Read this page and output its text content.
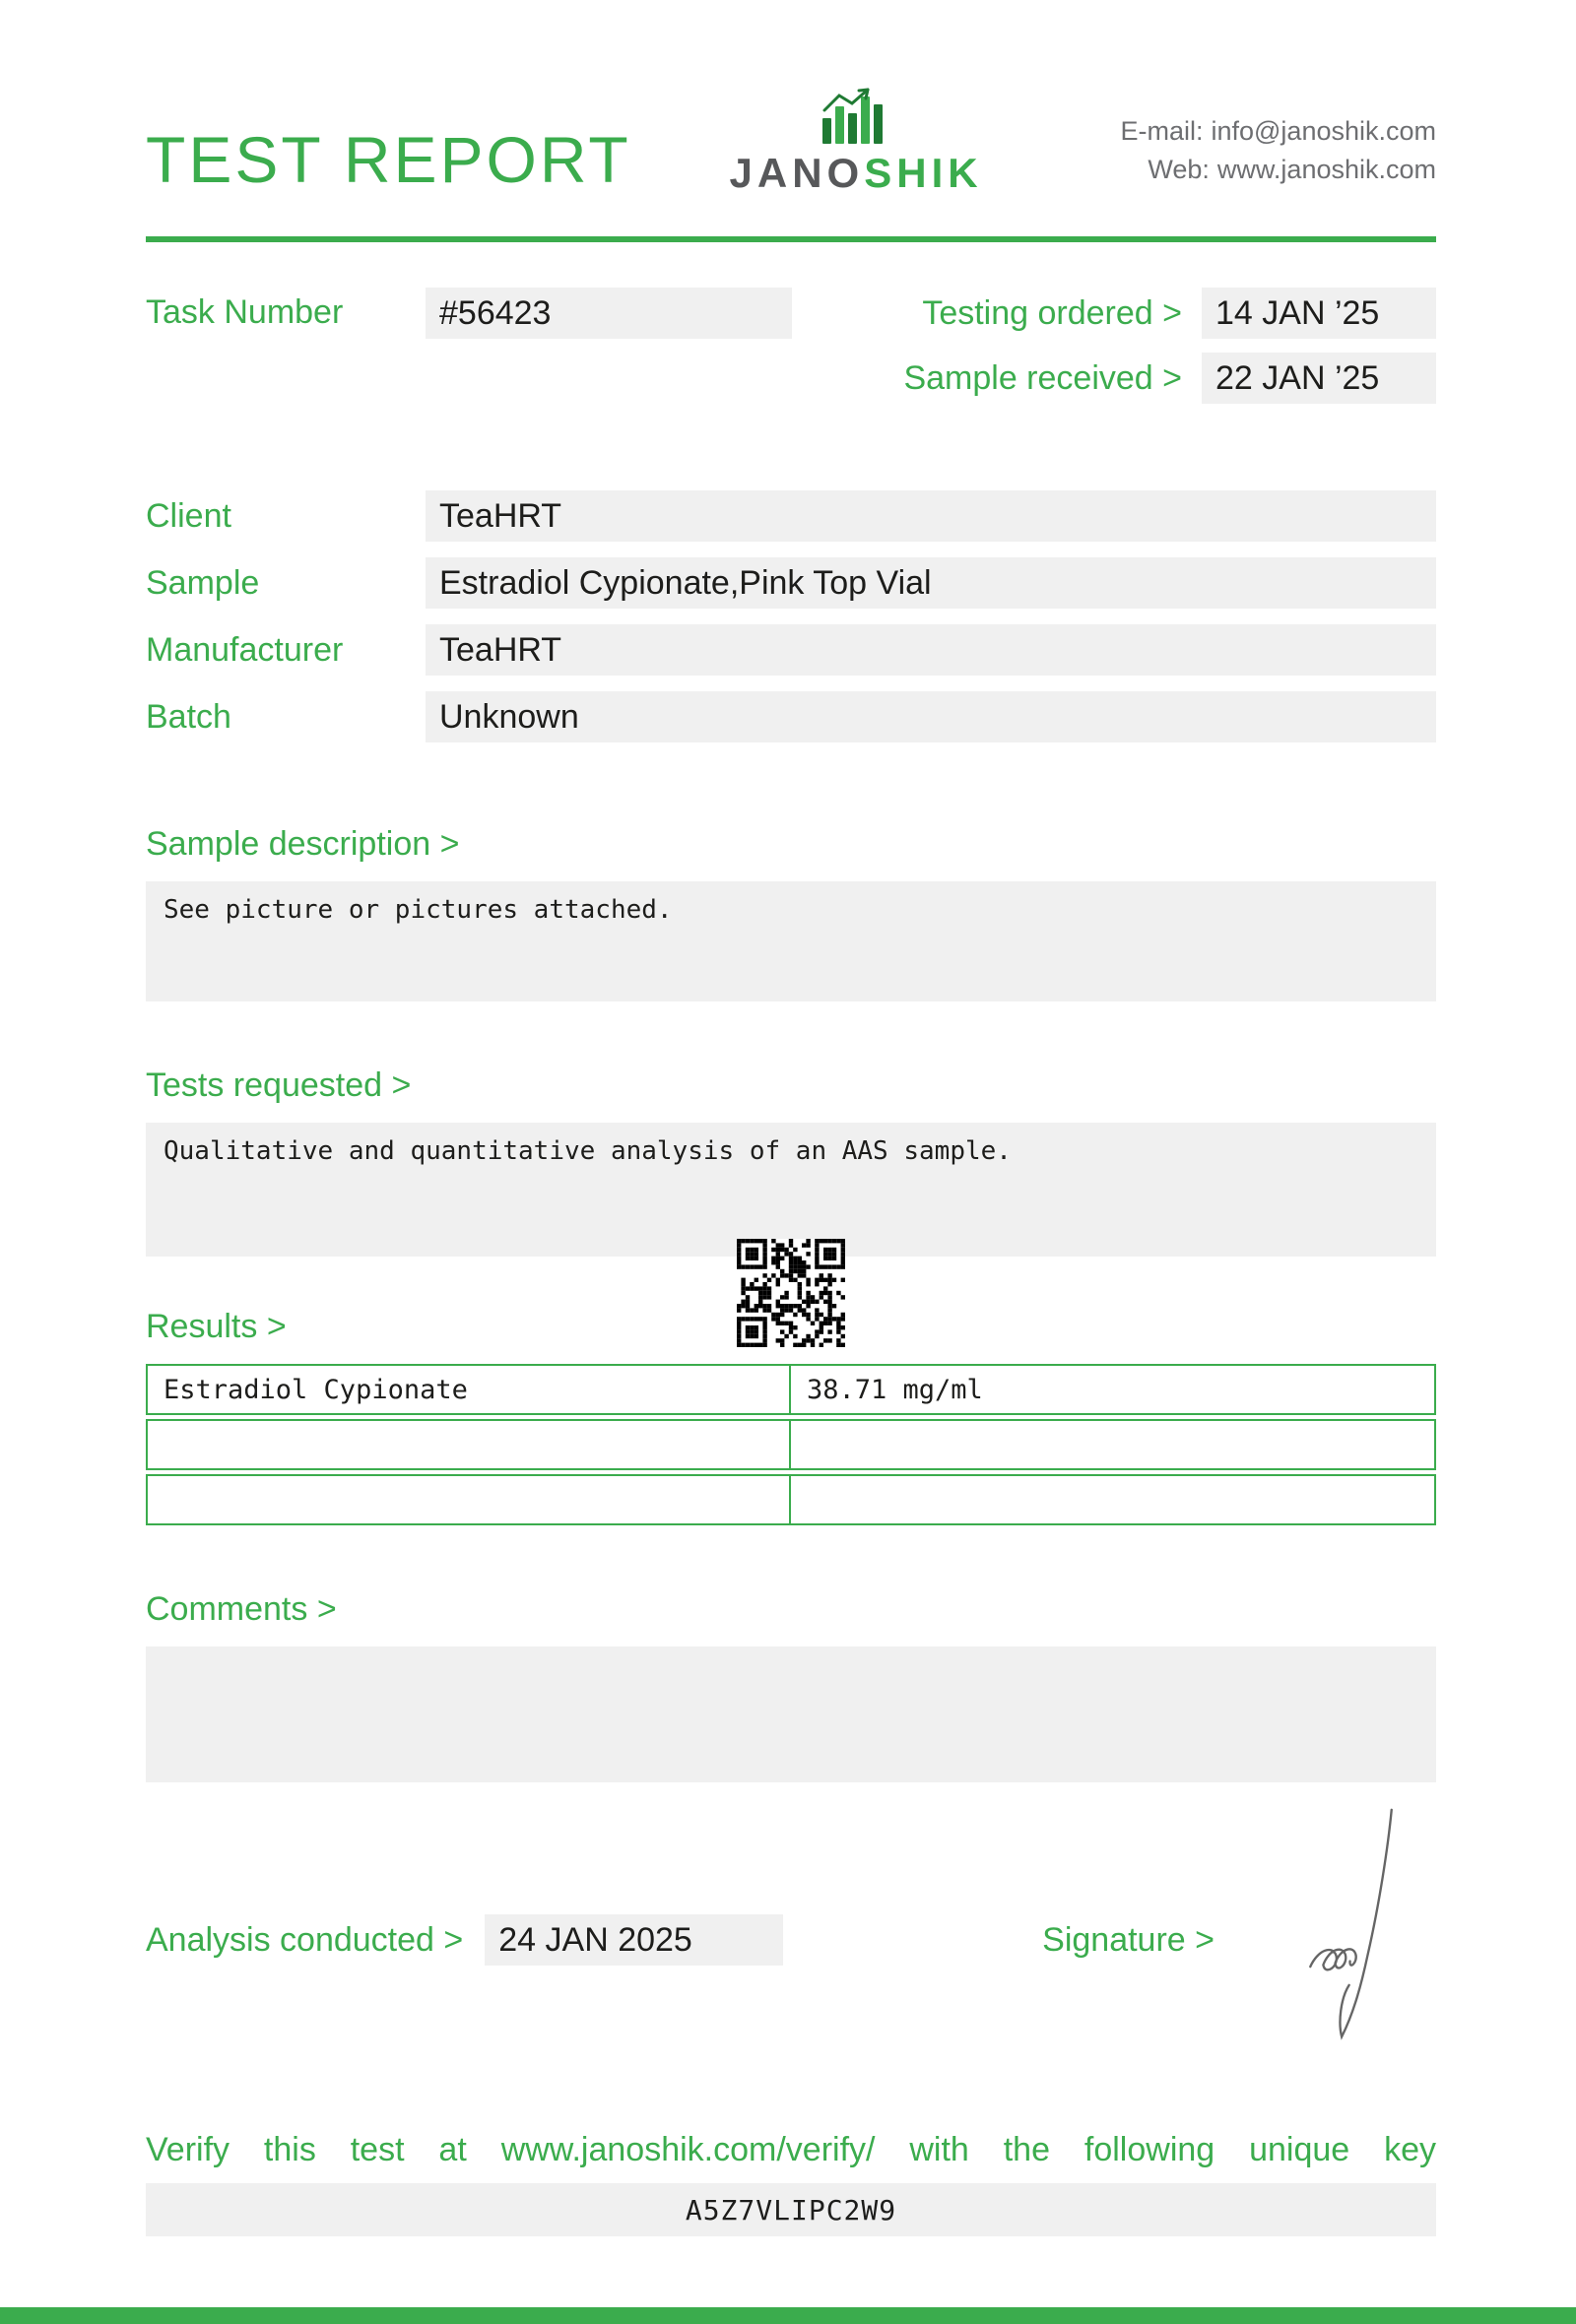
TEST REPORT JANOSHIK
E-mail: info@janoshik.com
Web: www.janoshik.com
Task Number	#56423	Testing ordered >	14 JAN ’25
Sample received >	22 JAN ’25
Client	TeaHRT
Sample	Estradiol Cypionate,Pink Top Vial
Manufacturer	TeaHRT
Batch	Unknown
Sample description >
See picture or pictures attached.
Tests requested >
Qualitative and quantitative analysis of an AAS sample.
Results >
Estradiol Cypionate	38.71 mg/ml
Comments >
Analysis conducted >	24 JAN 2025	Signature >
Verify this test at www.janoshik.com/verify/ with the following unique key
A5Z7VLIPC2W9
